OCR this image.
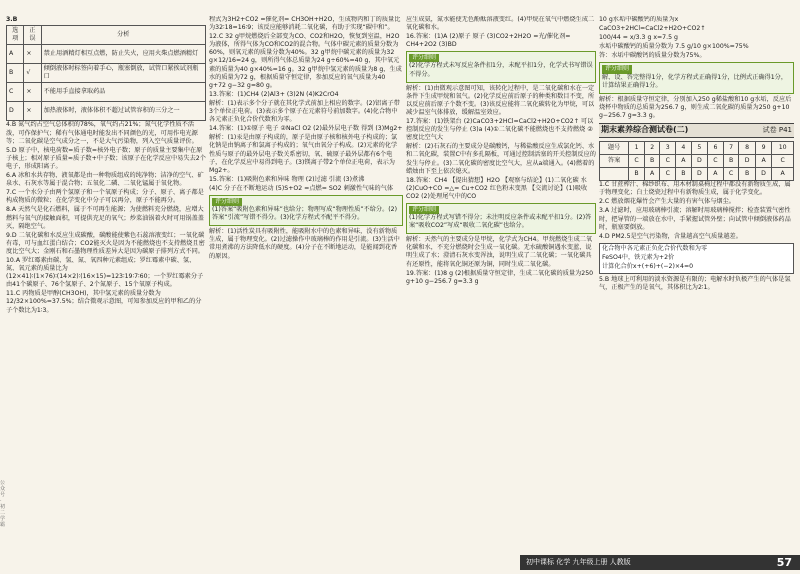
公众号·初二学霸

3.B

选项	正误	分析
A	×	禁止用酒精灯相互点燃，防止失火，应用火柴点燃酒精灯
B	√	倾倒液体时标签向着手心，瓶塞倒放，试管口紧挨试剂瓶口
C	×	不能用手直接拿取药品
D	×	加热液体时，液体体积不超过试管容积的三分之一

4.B 氮气约占空气总体积的78%，氧气约占21%；氮气化学性质不活泼，可作保护气；稀有气体通电时能发出不同颜色的光，可用作电光源等；二氧化碳是空气成分之一，不是大气污染物，列入空气质量评价。

5.D 原子中，核电荷数=质子数=核外电子数；原子的质量主要集中在原子核上；相对原子质量≈质子数+中子数；该原子在化学反应中易失去2个电子，形成阳离子。

6.A 冰和水共存物、液氧都是由一种物质组成的纯净物；洁净的空气、矿泉水、石灰水等属于混合物；五氧化二磷、二氧化锰属于氧化物。

7.C 一个水分子由两个氢原子和一个氧原子构成；分子、原子、离子都是构成物质的微粒；在化学变化中分子可以再分，原子不能再分。

8.A 天然气是化石燃料，属于不可再生能源；为使燃料充分燃烧，应增大燃料与氧气的接触面积，可提供充足的氧气；炒菜油锅着火时可用锅盖盖灭，隔绝空气。

9.D 二氧化碳和水反应生成碳酸，碳酸能使紫色石蕊溶液变红；一氧化碳有毒，可与血红蛋白结合；CO2能灭火是因为不能燃烧也不支持燃烧且密度比空气大；金刚石和石墨物理性质差异大是因为碳原子排列方式不同。

10.A 罗红霉素由碳、氢、氮、氧四种元素组成；罗红霉素中碳、氢、氮、氧元素的质量比为(12×41)∶(1×76)∶(14×2)∶(16×15)=123∶19∶7∶60；一个罗红霉素分子由41个碳原子、76个氢原子、2个氮原子、15个氧原子构成。

11.C 丙物质是甲醇(CH3OH)，其中氢元素的质量分数为12/32×100%=37.5%；结合微观示意图，可知参加反应的甲和乙的分子个数比为1∶3。

程式为3H2+CO2 =催化剂= CH3OH+H2O，生成物丙和丁的质量比为32∶18=16∶9；该反应能够消耗二氧化碳，有助于实现“碳中和”。

12.C 32 g甲烷燃烧后全部变为CO、CO2和H2O，恢复到室温，H2O为液体，所得气体为CO和CO2的混合物。气体中碳元素的质量分数为60%，则氧元素的质量分数为40%。32 g甲烷中碳元素的质量为32 g×12/16=24 g，则所得气体总质量为24 g÷60%=40 g，其中氧元素的质量为40 g×40%=16 g。32 g甲烷中氢元素的质量为8 g，生成水的质量为72 g，根据质量守恒定律，参加反应的氧气质量为40 g+72 g−32 g=80 g。

13.答案：(1)CH4 (2)Al3+ (3)2N (4)K2CrO4

解析：(1)表示多个分子就在其化学式前加上相应的数字。(2)铝离子带3个单位正电荷。(3)表示多个原子在元素符号前加数字。(4)化合物中各元素正负化合价代数和为零。

14.答案：(1)①原子 电子 ②NaCl O2 (2)最外层电子数 得到 (3)Mg2+

解析：(1)汞是由原子构成的，原子是由原子核和核外电子构成的；氯化钠是由钠离子和氯离子构成的；氧气由氧分子构成。(2)元素的化学性质与原子的最外层电子数关系密切，氧、硫原子最外层都有6个电子，在化学反应中易得到电子。(3)镁离子带2个单位正电荷，表示为Mg2+。

15.答案：(1)吸附色素和异味 物理 (2)过滤 引流 (3)煮沸

(4)C 分子在不断地运动 (5)S+O2 =点燃= SO2 刺激性气味的气体

评分细则

(1)答案“吸附色素和异味”也给分；物理写成“物理性质”不给分。(2)答案“引流”写错不得分。(3)化学方程式不配平不得分。

解析：(1)活性炭具有吸附性，能吸附水中的色素和异味，没有新物质生成，属于物理变化。(2)过滤操作中玻璃棒的作用是引流。(3)生活中常用煮沸的方法降低水的硬度。(4)分子在不断地运动，是能闻到花香的原因。

应生成氨，氮水能使无色酚酞溶液变红。(4)甲烷在氧气中燃烧生成二氧化碳和水。

16.答案：(1)A (2)原子 原子 (3)CO2+2H2O =光/催化剂= CH4+2O2 (3)BD

评分细则

(2)化学方程式未写反应条件扣1分，未配平扣1分，化学式书写错误不得分。

解析：(1)由微观示意图可知，该转化过程中，是二氧化碳和水在一定条件下生成甲烷和氧气。(2)化学反应前后原子的种类和数目不变，所以反应前后原子个数不变。(3)该反应能将二氧化碳转化为甲烷，可以减少温室气体排放，缓解温室效应。

17.答案：(1)铁架台 (2)CaCO3+2HCl=CaCl2+H2O+CO2↑ 可以控制反应的发生与停止 (3)a (4)①二氧化碳不能燃烧也不支持燃烧 ②密度比空气大

解析：(2)石灰石的主要成分是碳酸钙，与稀盐酸反应生成氯化钙、水和二氧化碳，装置C中有多孔隔板，可通过控制活塞的开关控制反应的发生与停止。(3)二氧化碳的密度比空气大，应从a端通入。(4)燃着的蜡烛由下至上依次熄灭。

18.答案：CH4 【提出猜想】H2O 【观察与结论】(1)二氧化碳 水 (2)CuO+CO =△= Cu+CO2 红色粉末变黑 【交流讨论】(1)吸收CO2 (2)处理尾气中的CO

评分细则

(1)化学方程式写错不得分；未注明反应条件或未配平扣1分。(2)答案“吸收CO2”写成“吸收二氧化碳”也给分。

解析：天然气的主要成分是甲烷，化学式为CH4。甲烷燃烧生成二氧化碳和水，不充分燃烧时会生成一氧化碳。无水硫酸铜遇水变蓝，说明生成了水；澄清石灰水变浑浊，说明生成了二氧化碳；一氧化碳具有还原性，能将氧化铜还原为铜，同时生成二氧化碳。

19.答案：(1)8 g (2)根据质量守恒定律，生成二氧化碳的质量为250 g+10 g−256.7 g=3.3 g

10 g水垢中碳酸钙的质量为x

CaCO3+2HCl=CaCl2+H2O+CO2↑

100/44 = x/3.3 g x=7.5 g

水垢中碳酸钙的质量分数为 7.5 g/10 g×100%=75%

答：水垢中碳酸钙的质量分数为75%。

评分细则

解、设、答完整得1分，化学方程式正确得1分，比例式正确得1分，计算结果正确得1分。

解析：根据质量守恒定律，分别加入250 g稀盐酸和10 g水垢，反应后烧杯中物质的总质量为256.7 g，则生成二氧化碳的质量为250 g+10 g−256.7 g=3.3 g。

期末素养综合测试卷(二)	试卷 P41
题号	1	2	3	4	5	6	7	8	9	10
答案	C	B	C	A	D	C	B	D	A	C
	B	A	C	B	D	A	C	B	D	A

1.C 甘蔗榨汁、棉纱织布、用木材制桌椅过程中都没有新物质生成，属于物理变化；白土烧瓷过程中有新物质生成，属于化学变化。

2.C 燃放烟花爆竹会产生大量的有害气体与烟尘。

3.A 过滤时，应用玻璃棒引流；溶解时用玻璃棒搅拌；检查装置气密性时，把导管的一端放在水中，手紧握试管外壁；向试管中倾倒液体药品时，瓶塞要倒放。

4.D PM2.5是空气污染物，含量越高空气质量越差。

化合物中各元素正负化合价代数和为零

FeSO4中，铁元素为+2价

计算化合价x+(+6)+(−2)×4=0

5.B 地球上可利用的淡水资源是有限的；电解水时负极产生的气体是氢气，正极产生的是氧气，其体积比为2∶1。

初中课标 化学 九年级上册 人教版	57
